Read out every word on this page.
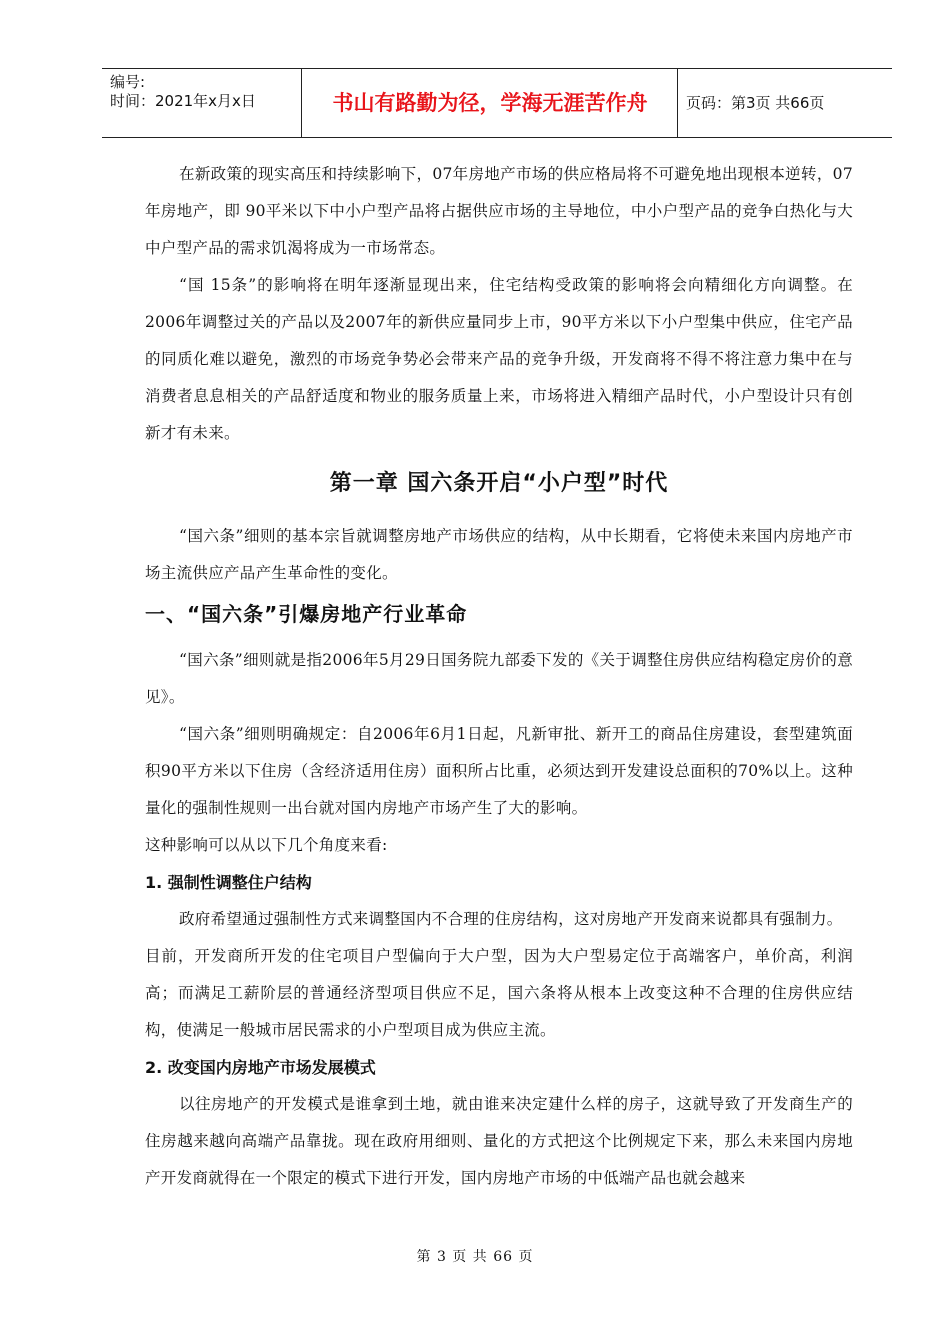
编号:
时间：2021年x月x日	书山有路勤为径，学海无涯苦作舟	页码：第3页 共66页

在新政策的现实高压和持续影响下，07年房地产市场的供应格局将不可避免地出现根本逆转，07年房地产，即 90平米以下中小户型产品将占据供应市场的主导地位，中小户型产品的竞争白热化与大中户型产品的需求饥渴将成为一市场常态。

“国 15条”的影响将在明年逐渐显现出来，住宅结构受政策的影响将会向精细化方向调整。在2006年调整过关的产品以及2007年的新供应量同步上市，90平方米以下小户型集中供应，住宅产品的同质化难以避免，激烈的市场竞争势必会带来产品的竞争升级，开发商将不得不将注意力集中在与消费者息息相关的产品舒适度和物业的服务质量上来，市场将进入精细产品时代，小户型设计只有创新才有未来。

第一章 国六条开启“小户型”时代

“国六条”细则的基本宗旨就调整房地产市场供应的结构，从中长期看，它将使未来国内房地产市场主流供应产品产生革命性的变化。

一、“国六条”引爆房地产行业革命

“国六条”细则就是指2006年5月29日国务院九部委下发的《关于调整住房供应结构稳定房价的意见》。

“国六条”细则明确规定：自2006年6月1日起，凡新审批、新开工的商品住房建设，套型建筑面积90平方米以下住房（含经济适用住房）面积所占比重，必须达到开发建设总面积的70%以上。这种量化的强制性规则一出台就对国内房地产市场产生了大的影响。

这种影响可以从以下几个角度来看:

1. 强制性调整住户结构

政府希望通过强制性方式来调整国内不合理的住房结构，这对房地产开发商来说都具有强制力。

目前，开发商所开发的住宅项目户型偏向于大户型，因为大户型易定位于高端客户，单价高，利润高；而满足工薪阶层的普通经济型项目供应不足，国六条将从根本上改变这种不合理的住房供应结构，使满足一般城市居民需求的小户型项目成为供应主流。

2. 改变国内房地产市场发展模式

以往房地产的开发模式是谁拿到土地，就由谁来决定建什么样的房子，这就导致了开发商生产的住房越来越向高端产品靠拢。现在政府用细则、量化的方式把这个比例规定下来，那么未来国内房地产开发商就得在一个限定的模式下进行开发，国内房地产市场的中低端产品也就会越来

第 3 页 共 66 页
